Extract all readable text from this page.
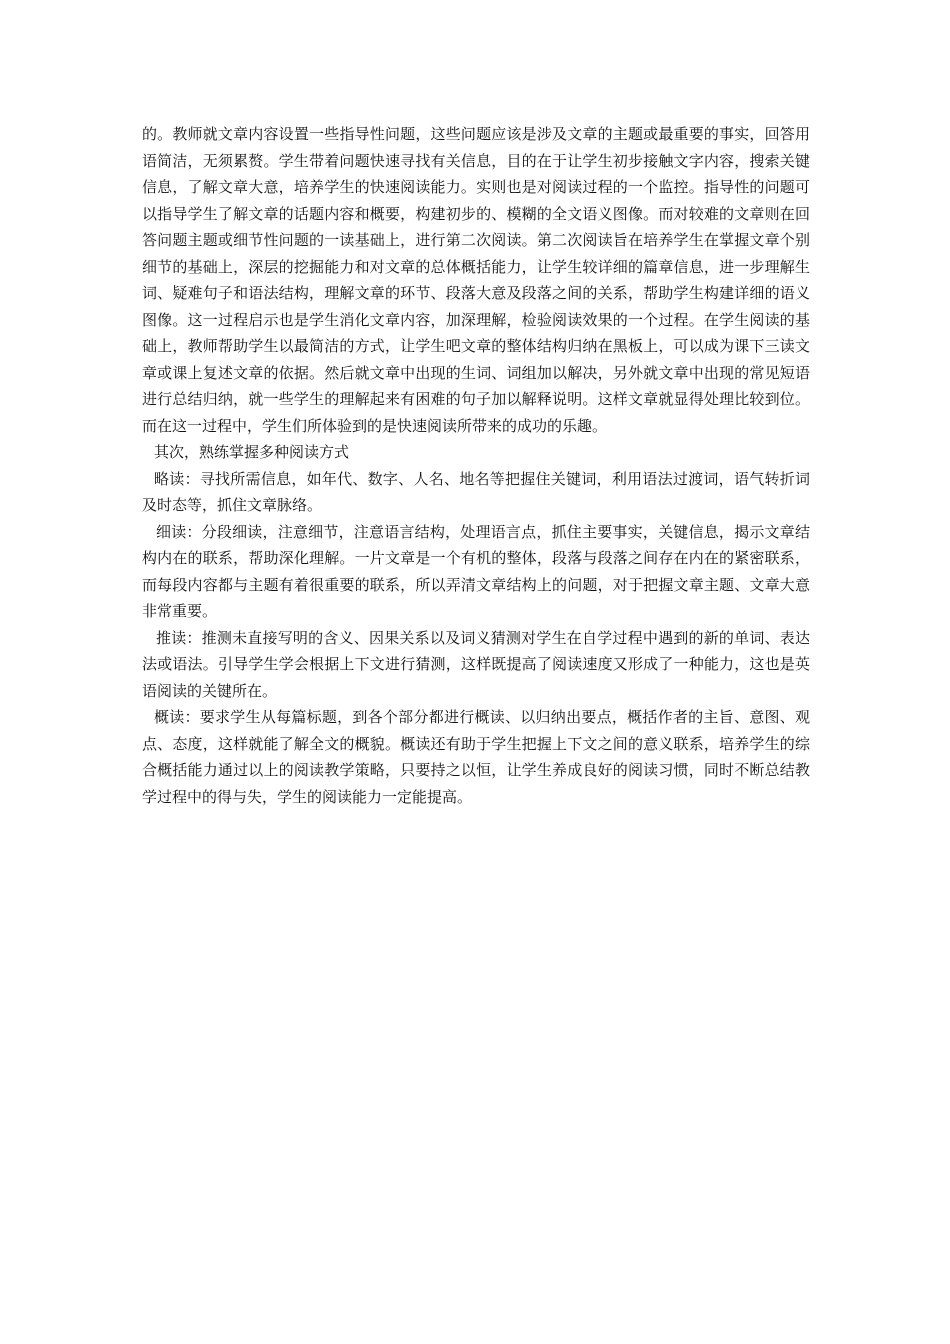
的。教师就文章内容设置一些指导性问题，这些问题应该是涉及文章的主题或最重要的事实，回答用语简洁，无须累赘。学生带着问题快速寻找有关信息，目的在于让学生初步接触文字内容，搜索关键信息，了解文章大意，培养学生的快速阅读能力。实则也是对阅读过程的一个监控。指导性的问题可以指导学生了解文章的话题内容和概要，构建初步的、模糊的全文语义图像。而对较难的文章则在回答问题主题或细节性问题的一读基础上，进行第二次阅读。第二次阅读旨在培养学生在掌握文章个别细节的基础上，深层的挖掘能力和对文章的总体概括能力，让学生较详细的篇章信息，进一步理解生词、疑难句子和语法结构，理解文章的环节、段落大意及段落之间的关系，帮助学生构建详细的语义图像。这一过程启示也是学生消化文章内容，加深理解，检验阅读效果的一个过程。在学生阅读的基础上，教师帮助学生以最简洁的方式，让学生吧文章的整体结构归纳在黑板上，可以成为课下三读文章或课上复述文章的依据。然后就文章中出现的生词、词组加以解决，另外就文章中出现的常见短语进行总结归纳，就一些学生的理解起来有困难的句子加以解释说明。这样文章就显得处理比较到位。而在这一过程中，学生们所体验到的是快速阅读所带来的成功的乐趣。

其次，熟练掌握多种阅读方式

略读：寻找所需信息，如年代、数字、人名、地名等把握住关键词，利用语法过渡词，语气转折词及时态等，抓住文章脉络。

细读：分段细读，注意细节，注意语言结构，处理语言点，抓住主要事实，关键信息，揭示文章结构内在的联系，帮助深化理解。一片文章是一个有机的整体，段落与段落之间存在内在的紧密联系，而每段内容都与主题有着很重要的联系，所以弄清文章结构上的问题，对于把握文章主题、文章大意非常重要。

推读：推测未直接写明的含义、因果关系以及词义猜测对学生在自学过程中遇到的新的单词、表达法或语法。引导学生学会根据上下文进行猜测，这样既提高了阅读速度又形成了一种能力，这也是英语阅读的关键所在。

概读：要求学生从每篇标题，到各个部分都进行概读、以归纳出要点，概括作者的主旨、意图、观点、态度，这样就能了解全文的概貌。概读还有助于学生把握上下文之间的意义联系，培养学生的综合概括能力通过以上的阅读教学策略，只要持之以恒，让学生养成良好的阅读习惯，同时不断总结教学过程中的得与失，学生的阅读能力一定能提高。
